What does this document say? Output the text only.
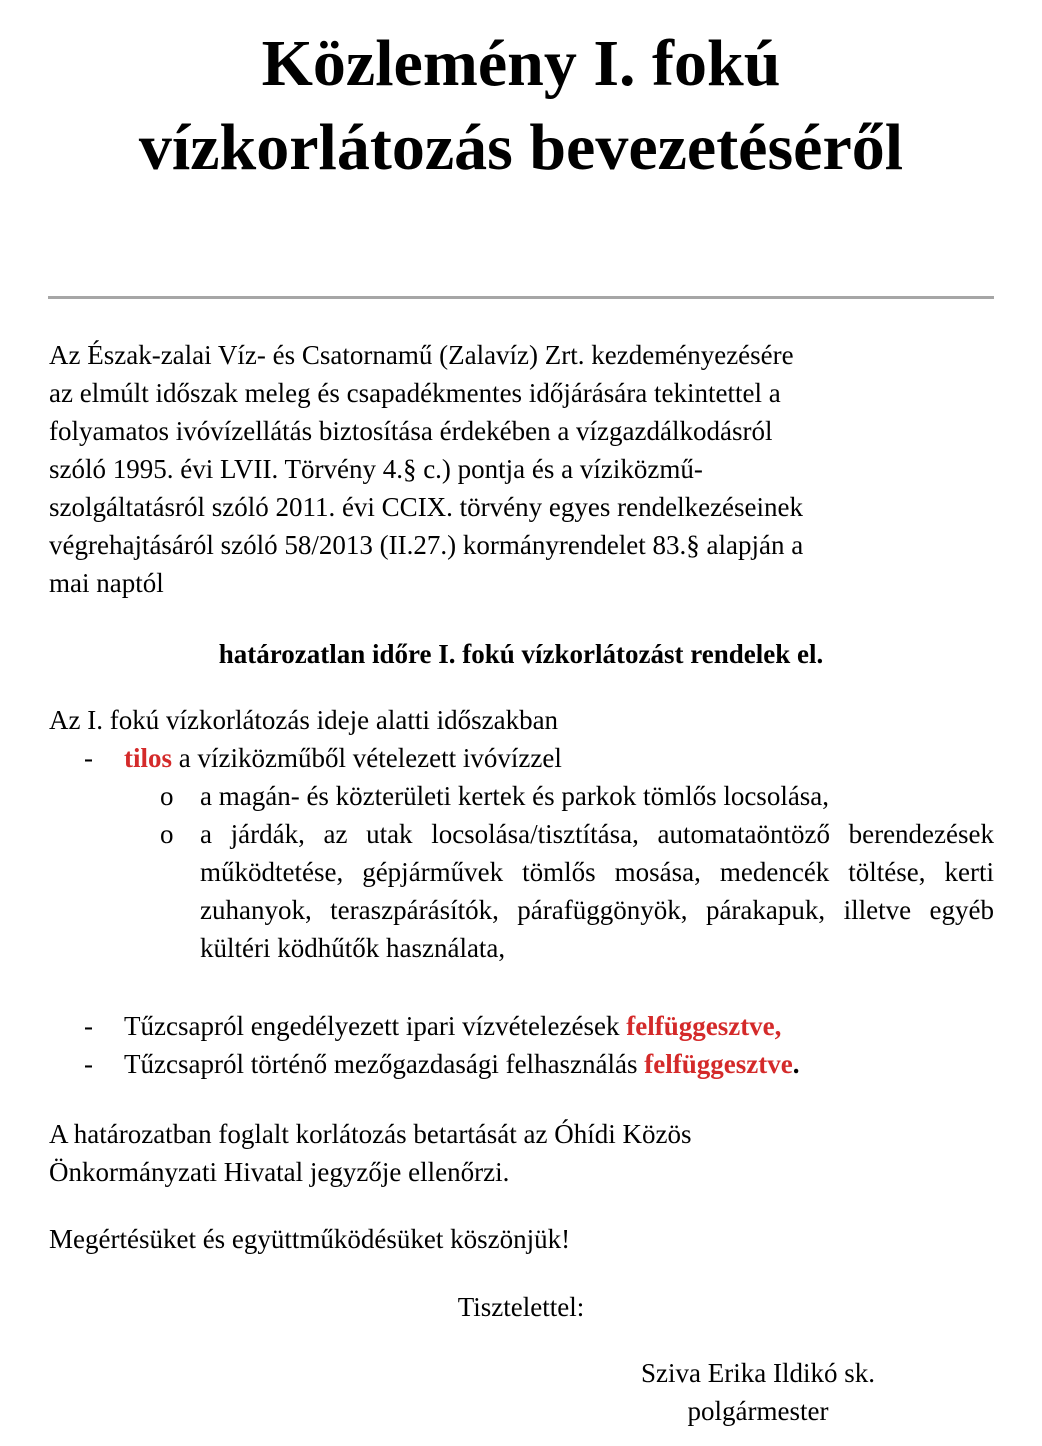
Közlemény I. fokú
vízkorlátozás bevezetéséről

Az Észak-zalai Víz- és Csatornamű (Zalavíz) Zrt. kezdeményezésére
az elmúlt időszak meleg és csapadékmentes időjárására tekintettel a
folyamatos ivóvízellátás biztosítása érdekében a vízgazdálkodásról
szóló 1995. évi LVII. Törvény 4.§ c.) pontja és a víziközmű-
szolgáltatásról szóló 2011. évi CCIX. törvény egyes rendelkezéseinek
végrehajtásáról szóló 58/2013 (II.27.) kormányrendelet 83.§ alapján a
mai naptól

határozatlan időre I. fokú vízkorlátozást rendelek el.

Az I. fokú vízkorlátozás ideje alatti időszakban

- tilos a víziközműből vételezett ivóvízzel

o a magán- és közterületi kertek és parkok tömlős locsolása,
o a járdák, az utak locsolása/tisztítása, automataöntöző berendezések működtetése, gépjárművek tömlős mosása, medencék töltése, kerti zuhanyok, teraszpárásítók, párafüggönyök, párakapuk, illetve egyéb kültéri ködhűtők használata,

- Tűzcsapról engedélyezett ipari vízvételezések felfüggesztve,

- Tűzcsapról történő mezőgazdasági felhasználás felfüggesztve.

A határozatban foglalt korlátozás betartását az Óhídi Közös
Önkormányzati Hivatal jegyzője ellenőrzi.

Megértésüket és együttműködésüket köszönjük!

Tisztelettel:

Sziva Erika Ildikó sk.
polgármester
